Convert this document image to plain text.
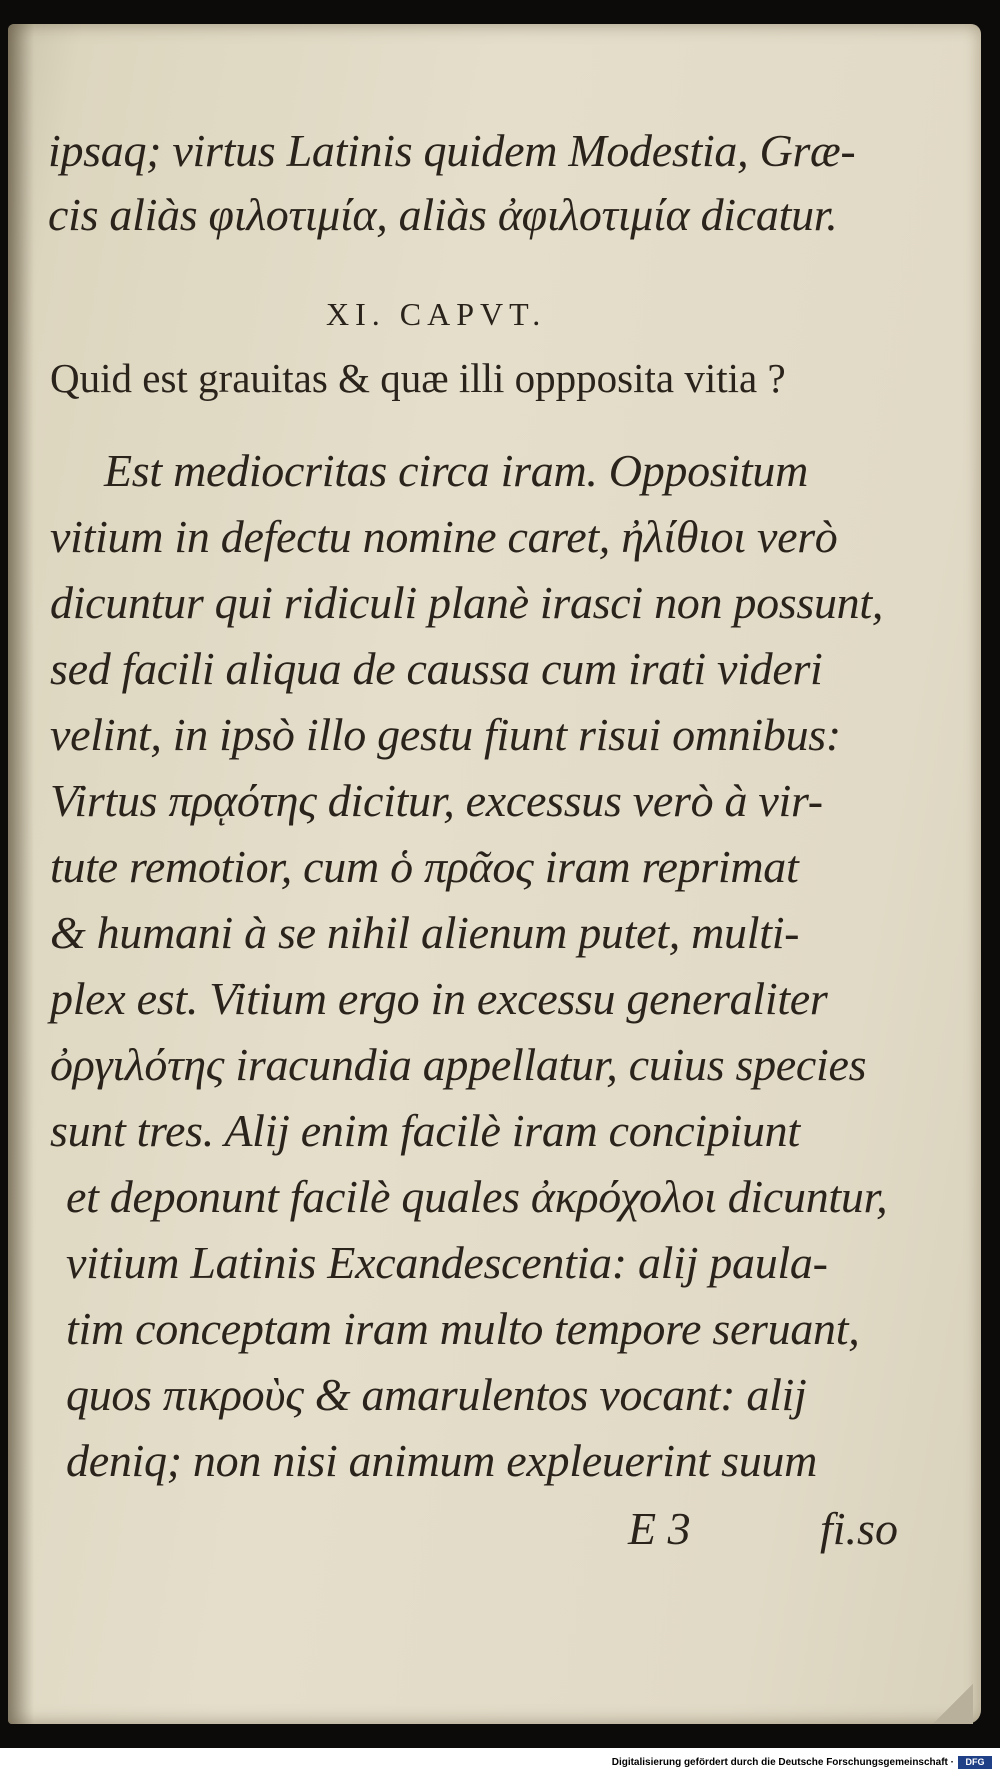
ipsaq; virtus Latinis quidem Modestia, Græ-
cis aliàs φιλοτιμία, aliàs ἀφιλοτιμία dicatur.
XI. CAPVT.
Quid est grauitas & quæ illi oppposita vitia ?
Est mediocritas circa iram. Oppositum
vitium in defectu nomine caret, ἠλίθιοι verò
dicuntur qui ridiculi planè irasci non possunt,
sed facili aliqua de caussa cum irati videri
velint, in ipsò illo gestu fiunt risui omnibus:
Virtus πρᾳότης dicitur, excessus verò à vir-
tute remotior, cum ὁ πρᾶος iram reprimat
& humani à se nihil alienum putet, multi-
plex est. Vitium ergo in excessu generaliter
ὀργιλότης iracundia appellatur, cuius species
sunt tres. Alij enim facilè iram concipiunt
et deponunt facilè quales ἀκρόχολοι dicuntur,
vitium Latinis Excandescentia: alij paula-
tim conceptam iram multo tempore seruant,
quos πικροὺς & amarulentos vocant: alij
deniq; non nisi animum expleuerint suum
E 3	fi.so
Digitalisierung gefördert durch die Deutsche Forschungsgemeinschaft ·	DFG
